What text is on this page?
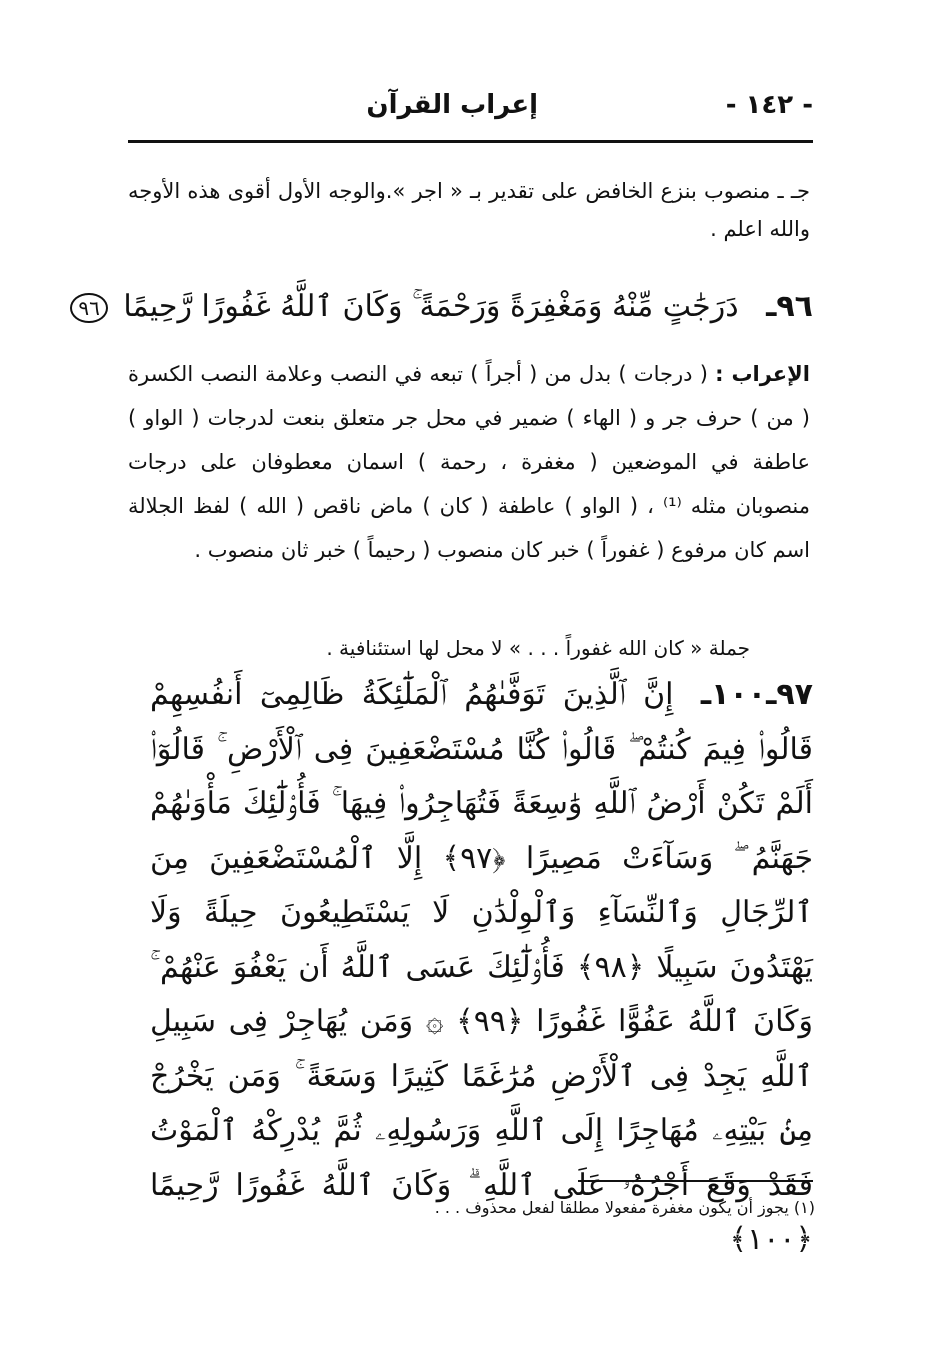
- ١٤٢ -
إعراب القرآن
جـ ـ منصوب بنزع الخافض على تقدير بـ « اجر ».والوجه الأول أقوى هذه الأوجه والله اعلم .
٩٦ـ دَرَجَٰتٍ مِّنْهُ وَمَغْفِرَةً وَرَحْمَةً ۚ وَكَانَ ٱللَّهُ غَفُورًا رَّحِيمًا ٩٦
الإعراب : ( درجات ) بدل من ( أجراً ) تبعه في النصب وعلامة النصب الكسرة ( من ) حرف جر و ( الهاء ) ضمير في محل جر متعلق بنعت لدرجات ( الواو ) عاطفة في الموضعين ( مغفرة ، رحمة ) اسمان معطوفان على درجات منصوبان مثله ⁽¹⁾ ، ( الواو ) عاطفة ( كان ) ماض ناقص ( الله ) لفظ الجلالة اسم كان مرفوع ( غفوراً ) خبر كان منصوب ( رحيماً ) خبر ثان منصوب .
جملة « كان الله غفوراً . . . » لا محل لها استئنافية .
٩٧ـ١٠٠ـ إِنَّ ٱلَّذِينَ تَوَفَّىٰهُمُ ٱلْمَلَٰٓئِكَةُ ظَالِمِىٓ أَنفُسِهِمْ قَالُوا۟ فِيمَ كُنتُمْ ۖ قَالُوا۟ كُنَّا مُسْتَضْعَفِينَ فِى ٱلْأَرْضِ ۚ قَالُوٓا۟ أَلَمْ تَكُنْ أَرْضُ ٱللَّهِ وَٰسِعَةً فَتُهَاجِرُوا۟ فِيهَا ۚ فَأُو۟لَٰٓئِكَ مَأْوَىٰهُمْ جَهَنَّمُ ۖ وَسَآءَتْ مَصِيرًا ﴿٩٧﴾ إِلَّا ٱلْمُسْتَضْعَفِينَ مِنَ ٱلرِّجَالِ وَٱلنِّسَآءِ وَٱلْوِلْدَٰنِ لَا يَسْتَطِيعُونَ حِيلَةً وَلَا يَهْتَدُونَ سَبِيلًا ﴿٩٨﴾ فَأُو۟لَٰٓئِكَ عَسَى ٱللَّهُ أَن يَعْفُوَ عَنْهُمْ ۚ وَكَانَ ٱللَّهُ عَفُوًّا غَفُورًا ﴿٩٩﴾ ۞ وَمَن يُهَاجِرْ فِى سَبِيلِ ٱللَّهِ يَجِدْ فِى ٱلْأَرْضِ مُرَٰغَمًا كَثِيرًا وَسَعَةً ۚ وَمَن يَخْرُجْ مِنۢ بَيْتِهِۦ مُهَاجِرًا إِلَى ٱللَّهِ وَرَسُولِهِۦ ثُمَّ يُدْرِكْهُ ٱلْمَوْتُ فَقَدْ وَقَعَ أَجْرُهُۥ عَلَى ٱللَّهِ ۗ وَكَانَ ٱللَّهُ غَفُورًا رَّحِيمًا ﴿١٠٠﴾
(١) يجوز أن يكون مغفرة مفعولا مطلقا لفعل محذوف . . .
